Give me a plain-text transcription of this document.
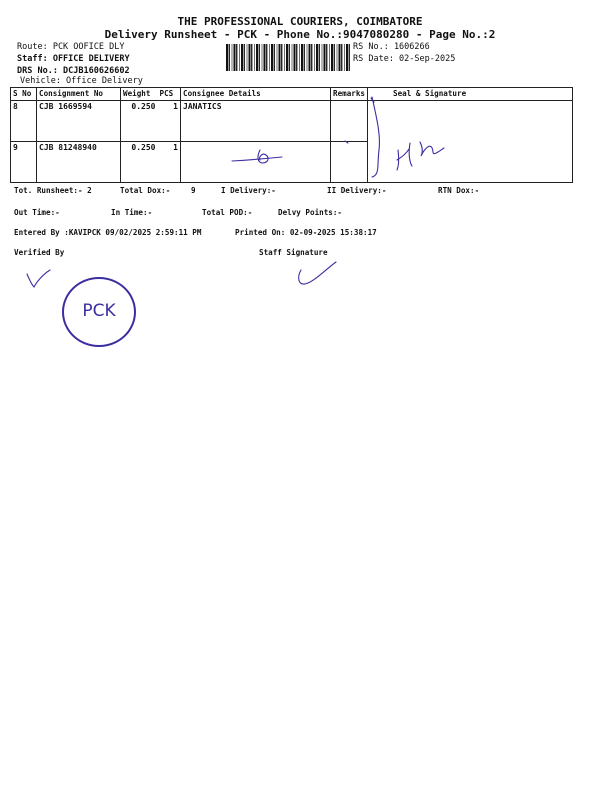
THE PROFESSIONAL COURIERS, COIMBATORE
Delivery Runsheet - PCK - Phone No.:9047080280 - Page No.:2
Route: PCK OOFICE DLY
Staff: OFFICE DELIVERY
DRS No.: DCJB160626602
Vehicle: Office Delivery
RS No.: 1606266
RS Date: 02-Sep-2025
S No	Consignment No	Weight	PCS	Consignee Details	Remarks	Seal & Signature
8	CJB 1669594	0.250	1	JANATICS		
9	CJB 81248940	0.250	1			
Tot. Runsheet:- 2	Total Dox:-	9	I Delivery:-	II Delivery:-	RTN Dox:-
Out Time:-	In Time:-	Total POD:-	Delvy Points:-
Entered By :KAVIPCK 09/02/2025 2:59:11 PM	Printed On: 02-09-2025 15:38:17
Verified By	Staff Signature
PCK
